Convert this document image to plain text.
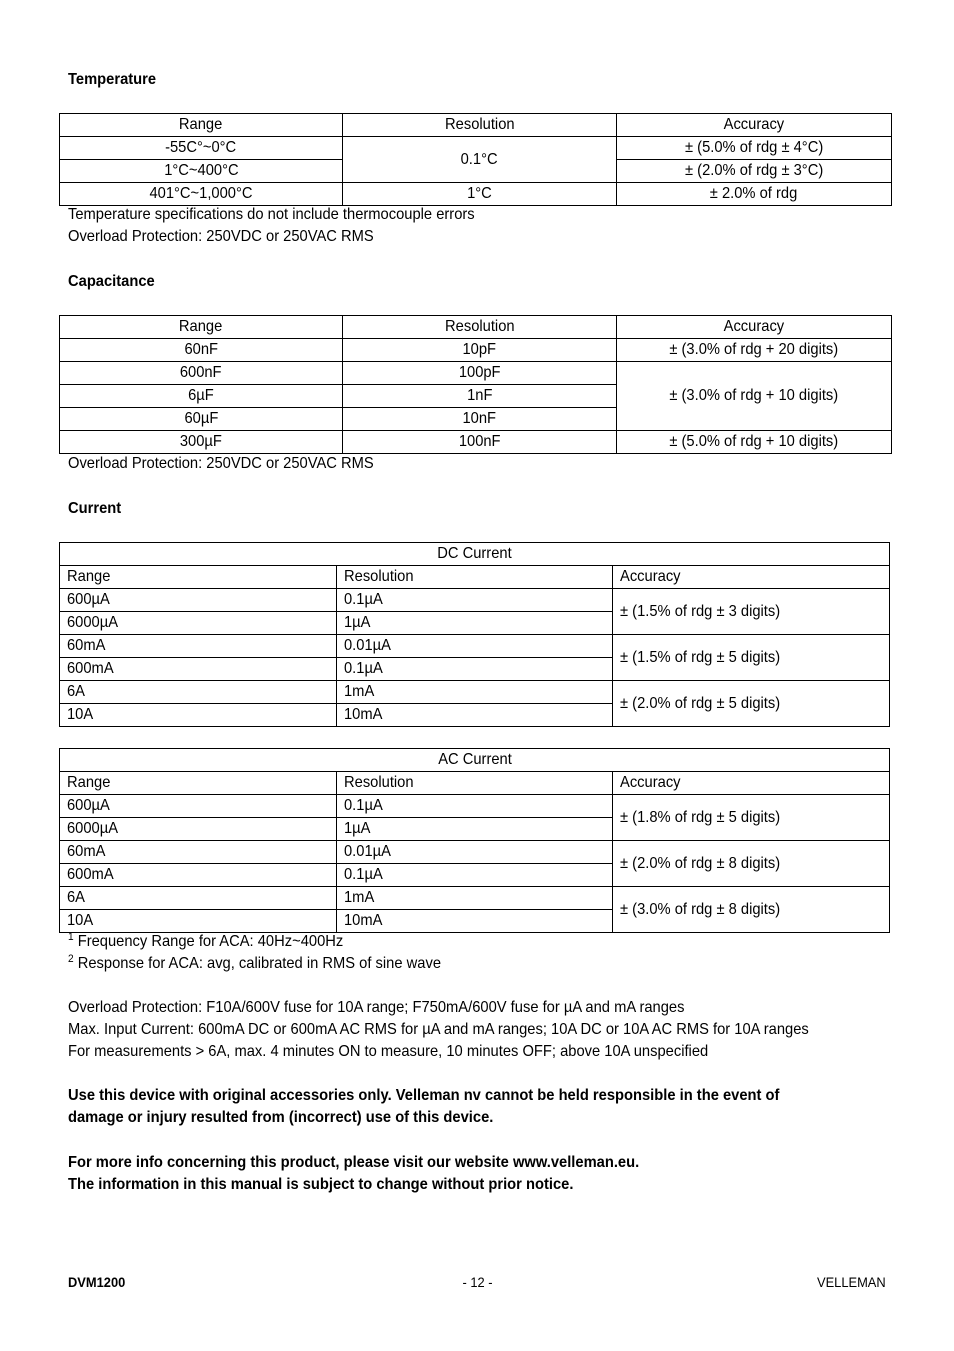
Temperature
Range	Resolution	Accuracy
-55C°~0°C	0.1°C	± (5.0% of rdg ± 4°C)
1°C~400°C		± (2.0% of rdg ± 3°C)
401°C~1,000°C	1°C	± 2.0% of rdg
Temperature specifications do not include thermocouple errors
Overload Protection: 250VDC or 250VAC RMS
Capacitance
Range	Resolution	Accuracy
60nF	10pF	± (3.0% of rdg + 20 digits)
600nF	100pF	± (3.0% of rdg + 10 digits)
6µF	1nF	
60µF	10nF	
300µF	100nF	± (5.0% of rdg + 10 digits)
Overload Protection: 250VDC or 250VAC RMS
Current
DC Current		
Range	Resolution	Accuracy
600µA	0.1µA	± (1.5% of rdg ± 3 digits)
6000µA	1µA	
60mA	0.01µA	± (1.5% of rdg ± 5 digits)
600mA	0.1µA	
6A	1mA	± (2.0% of rdg ± 5 digits)
10A	10mA	
AC Current		
Range	Resolution	Accuracy
600µA	0.1µA	± (1.8% of rdg ± 5 digits)
6000µA	1µA	
60mA	0.01µA	± (2.0% of rdg ± 8 digits)
600mA	0.1µA	
6A	1mA	± (3.0% of rdg ± 8 digits)
10A	10mA	
$^1$ Frequency Range for ACA: 40Hz~400Hz
$^2$ Response for ACA: avg, calibrated in RMS of sine wave
Overload Protection: F10A/600V fuse for 10A range; F750mA/600V fuse for µA and mA ranges
Max. Input Current: 600mA DC or 600mA AC RMS for µA and mA ranges; 10A DC or 10A AC RMS for 10A ranges
For measurements > 6A, max. 4 minutes ON to measure, 10 minutes OFF; above 10A unspecified
Use this device with original accessories only. Velleman nv cannot be held responsible in the event of
damage or injury resulted from (incorrect) use of this device.
For more info concerning this product, please visit our website www.velleman.eu.
The information in this manual is subject to change without prior notice.
DVM1200	- 12 -	VELLEMAN
